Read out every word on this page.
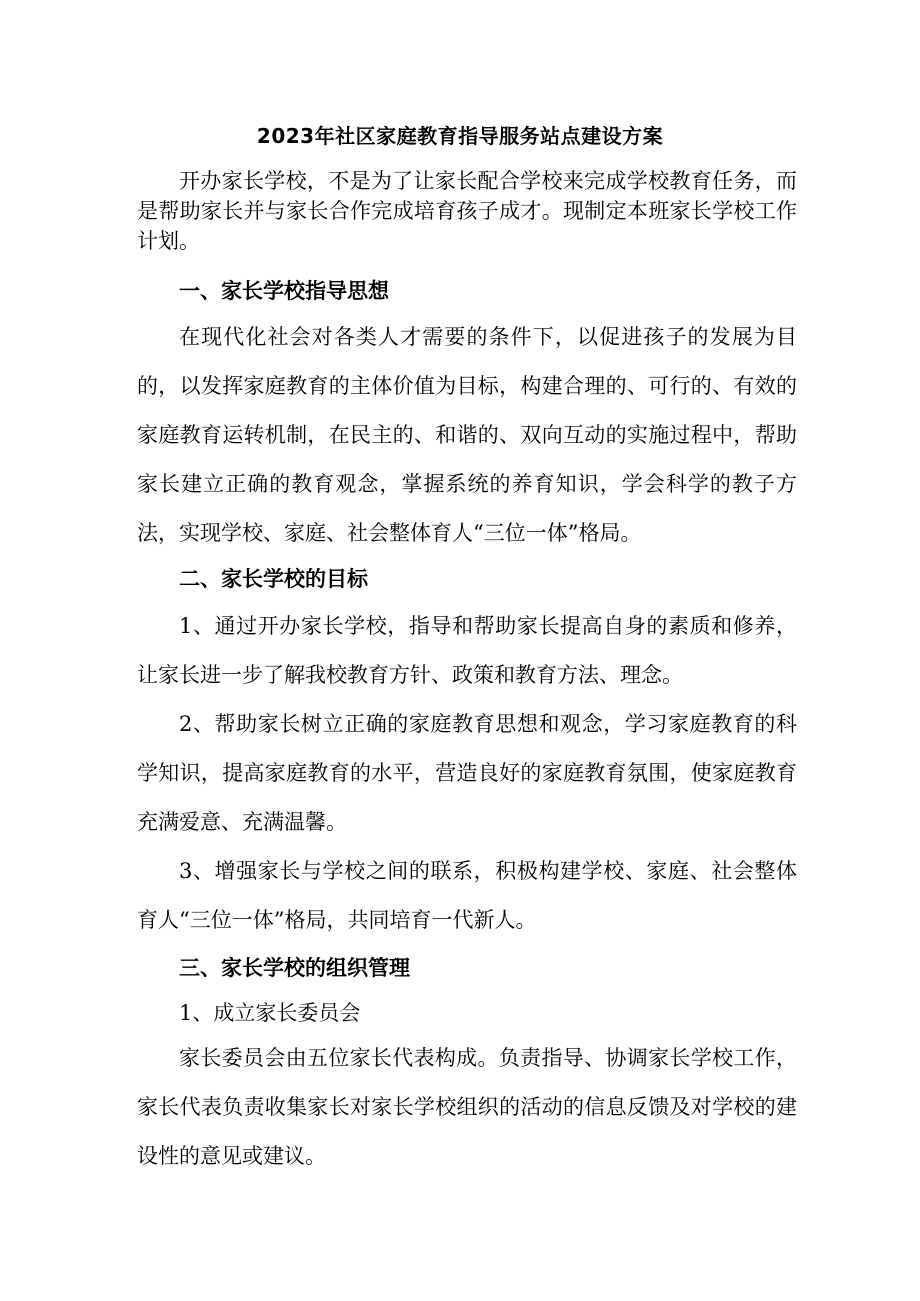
2023年社区家庭教育指导服务站点建设方案

开办家长学校，不是为了让家长配合学校来完成学校教育任务，而是帮助家长并与家长合作完成培育孩子成才。现制定本班家长学校工作计划。

一、家长学校指导思想

在现代化社会对各类人才需要的条件下，以促进孩子的发展为目的，以发挥家庭教育的主体价值为目标，构建合理的、可行的、有效的家庭教育运转机制，在民主的、和谐的、双向互动的实施过程中，帮助家长建立正确的教育观念，掌握系统的养育知识，学会科学的教子方法，实现学校、家庭、社会整体育人“三位一体”格局。

二、家长学校的目标

1、通过开办家长学校，指导和帮助家长提高自身的素质和修养，让家长进一步了解我校教育方针、政策和教育方法、理念。

2、帮助家长树立正确的家庭教育思想和观念，学习家庭教育的科学知识，提高家庭教育的水平，营造良好的家庭教育氛围，使家庭教育充满爱意、充满温馨。

3、增强家长与学校之间的联系，积极构建学校、家庭、社会整体育人“三位一体”格局，共同培育一代新人。

三、家长学校的组织管理

1、成立家长委员会

家长委员会由五位家长代表构成。负责指导、协调家长学校工作，家长代表负责收集家长对家长学校组织的活动的信息反馈及对学校的建设性的意见或建议。
